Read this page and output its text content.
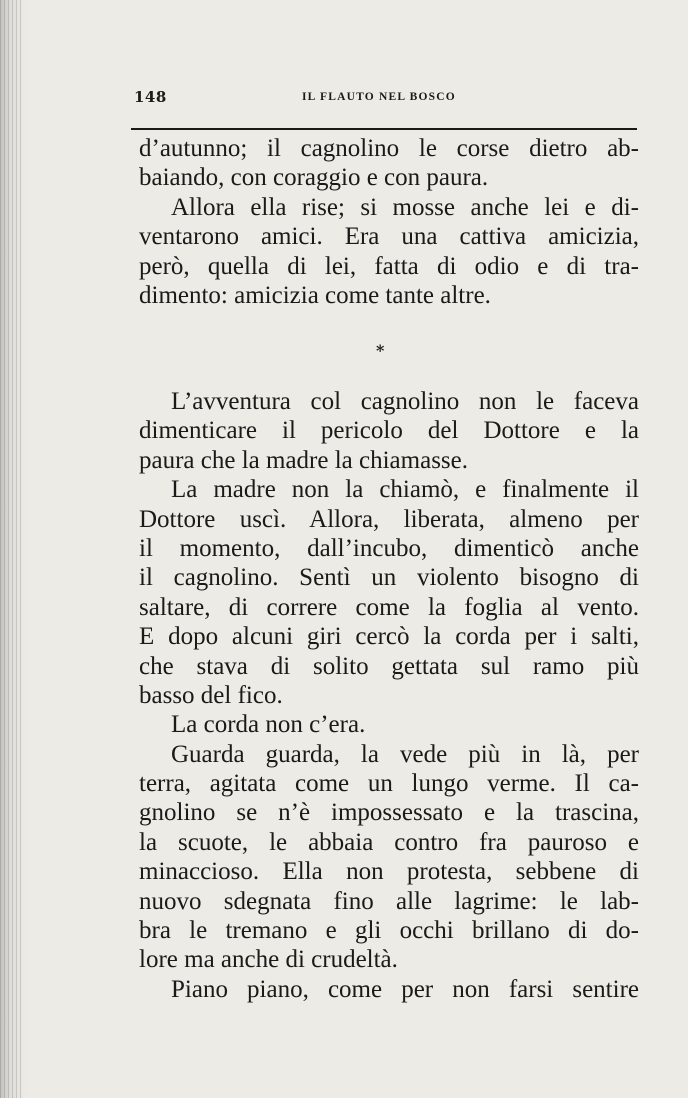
148	IL FLAUTO NEL BOSCO
d’autunno; il cagnolino le corse dietro ab-
baiando, con coraggio e con paura.
Allora ella rise; si mosse anche lei e di-
ventarono amici. Era una cattiva amicizia,
però, quella di lei, fatta di odio e di tra-
dimento: amicizia come tante altre.
*
L’avventura col cagnolino non le faceva
dimenticare il pericolo del Dottore e la
paura che la madre la chiamasse.
La madre non la chiamò, e finalmente il
Dottore uscì. Allora, liberata, almeno per
il momento, dall’incubo, dimenticò anche
il cagnolino. Sentì un violento bisogno di
saltare, di correre come la foglia al vento.
E dopo alcuni giri cercò la corda per i salti,
che stava di solito gettata sul ramo più
basso del fico.
La corda non c’era.
Guarda guarda, la vede più in là, per
terra, agitata come un lungo verme. Il ca-
gnolino se n’è impossessato e la trascina,
la scuote, le abbaia contro fra pauroso e
minaccioso. Ella non protesta, sebbene di
nuovo sdegnata fino alle lagrime: le lab-
bra le tremano e gli occhi brillano di do-
lore ma anche di crudeltà.
Piano piano, come per non farsi sentire
